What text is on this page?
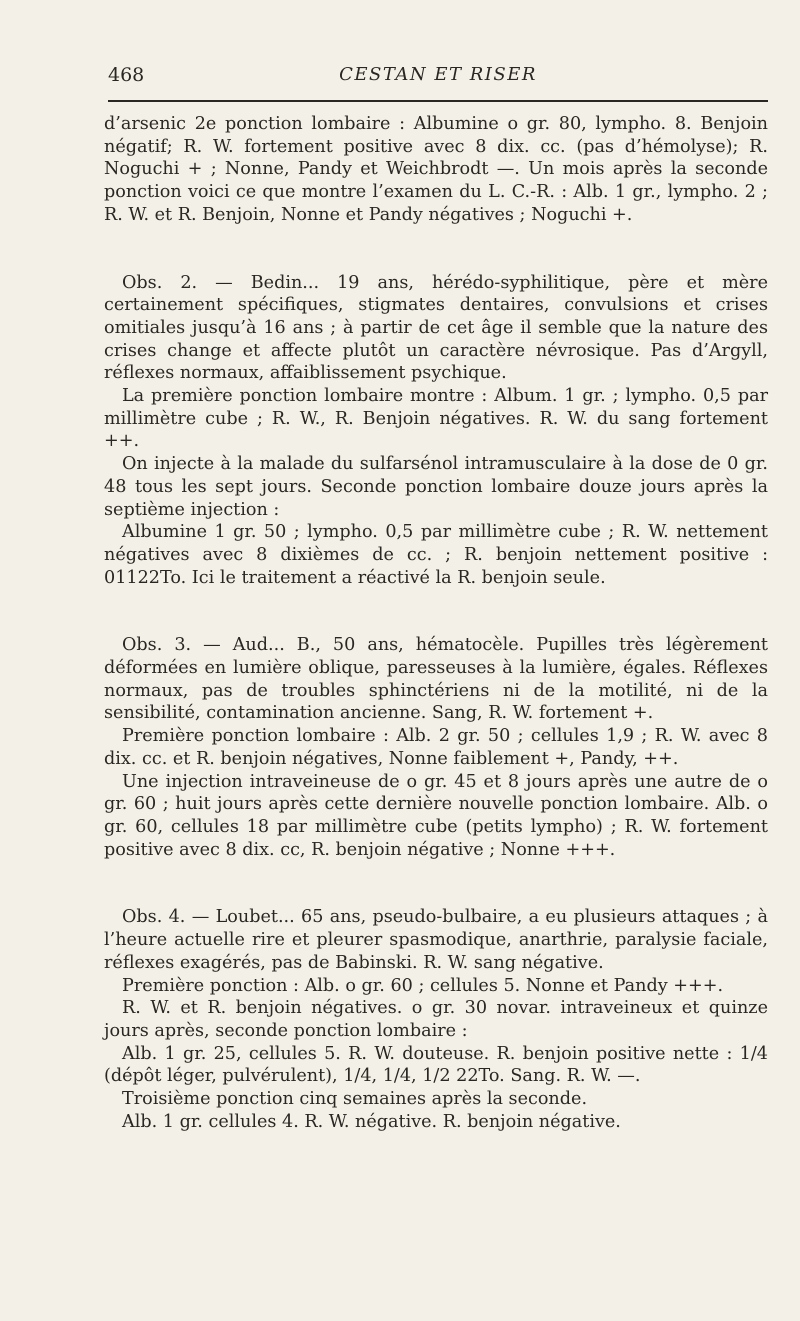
468	CESTAN ET RISER

d’arsenic 2e ponction lombaire : Albumine o gr. 80, lympho. 8. Benjoin négatif; R. W. fortement positive avec 8 dix. cc. (pas d’hémolyse); R. Noguchi + ; Nonne, Pandy et Weichbrodt —. Un mois après la seconde ponction voici ce que montre l’examen du L. C.-R. : Alb. 1 gr., lympho. 2 ; R. W. et R. Benjoin, Nonne et Pandy négatives ; Noguchi +.

Obs. 2. — Bedin... 19 ans, hérédo-syphilitique, père et mère certainement spécifiques, stigmates dentaires, convulsions et crises omitiales jusqu’à 16 ans ; à partir de cet âge il semble que la nature des crises change et affecte plutôt un caractère névrosique. Pas d’Argyll, réflexes normaux, affaiblissement psychique.

La première ponction lombaire montre : Album. 1 gr. ; lympho. 0,5 par millimètre cube ; R. W., R. Benjoin négatives. R. W. du sang fortement ++.

On injecte à la malade du sulfarsénol intramusculaire à la dose de 0 gr. 48 tous les sept jours. Seconde ponction lombaire douze jours après la septième injection :

Albumine 1 gr. 50 ; lympho. 0,5 par millimètre cube ; R. W. nettement négatives avec 8 dixièmes de cc. ; R. benjoin nettement positive : 01122To. Ici le traitement a réactivé la R. benjoin seule.

Obs. 3. — Aud... B., 50 ans, hématocèle. Pupilles très légèrement déformées en lumière oblique, paresseuses à la lumière, égales. Réflexes normaux, pas de troubles sphinctériens ni de la motilité, ni de la sensibilité, contamination ancienne. Sang, R. W. fortement +.

Première ponction lombaire : Alb. 2 gr. 50 ; cellules 1,9 ; R. W. avec 8 dix. cc. et R. benjoin négatives, Nonne faiblement +, Pandy, ++.

Une injection intraveineuse de o gr. 45 et 8 jours après une autre de o gr. 60 ; huit jours après cette dernière nouvelle ponction lombaire. Alb. o gr. 60, cellules 18 par millimètre cube (petits lympho) ; R. W. fortement positive avec 8 dix. cc, R. benjoin négative ; Nonne +++.

Obs. 4. — Loubet... 65 ans, pseudo-bulbaire, a eu plusieurs attaques ; à l’heure actuelle rire et pleurer spasmodique, anarthrie, paralysie faciale, réflexes exagérés, pas de Babinski. R. W. sang négative.

Première ponction : Alb. o gr. 60 ; cellules 5. Nonne et Pandy +++.

R. W. et R. benjoin négatives. o gr. 30 novar. intraveineux et quinze jours après, seconde ponction lombaire :

Alb. 1 gr. 25, cellules 5. R. W. douteuse. R. benjoin positive nette : 1/4 (dépôt léger, pulvérulent), 1/4, 1/4, 1/2 22To. Sang. R. W. —.

Troisième ponction cinq semaines après la seconde.

Alb. 1 gr. cellules 4. R. W. négative. R. benjoin négative.
